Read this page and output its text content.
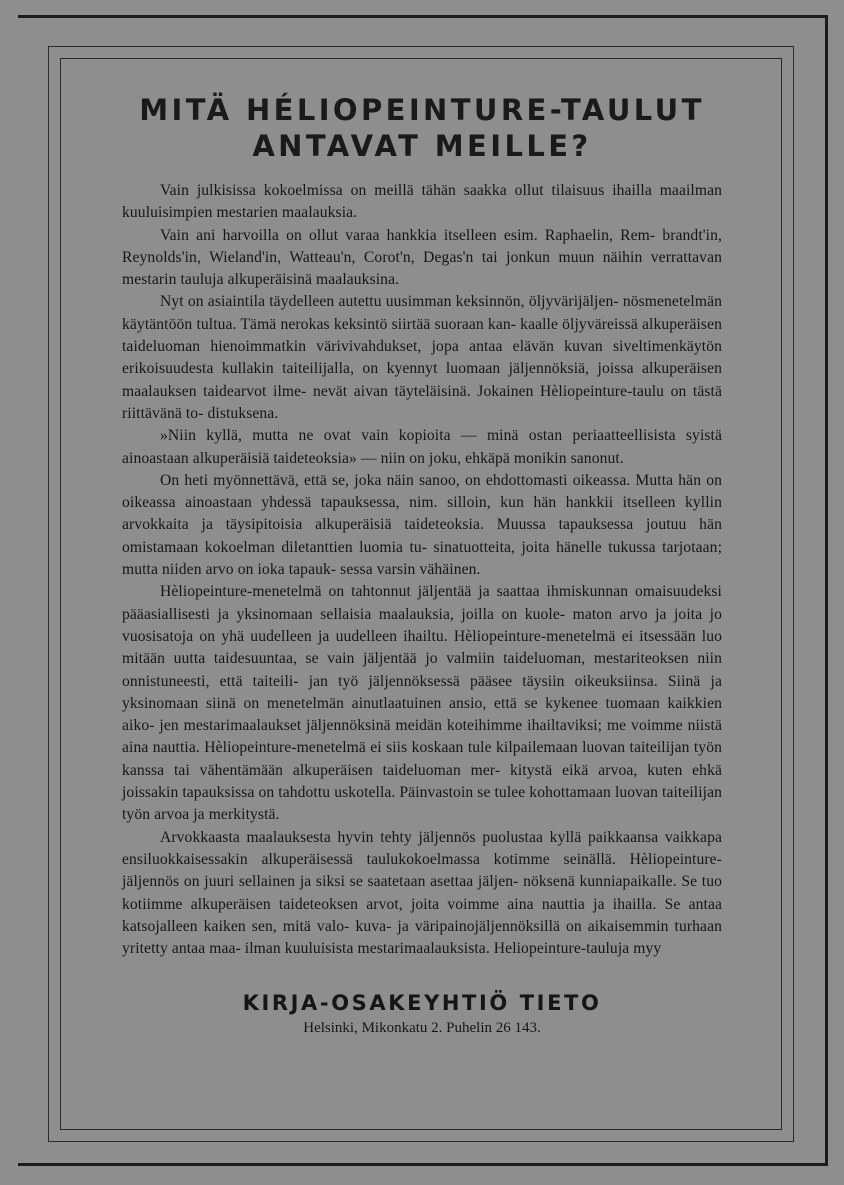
MITÄ HÉLIOPEINTURE-TAULUT
ANTAVAT MEILLE?

Vain julkisissa kokoelmissa on meillä tähän saakka ollut tilaisuus ihailla maailman kuuluisimpien mestarien maalauksia.

Vain ani harvoilla on ollut varaa hankkia itselleen esim. Raphaelin, Rem- brandt'in, Reynolds'in, Wieland'in, Watteau'n, Corot'n, Degas'n tai jonkun muun näihin verrattavan mestarin tauluja alkuperäisinä maalauksina.

Nyt on asiaintila täydelleen autettu uusimman keksinnön, öljyvärijäljen- nösmenetelmän käytäntöön tultua. Tämä nerokas keksintö siirtää suoraan kan- kaalle öljyväreissä alkuperäisen taideluoman hienoimmatkin värivivahdukset, jopa antaa elävän kuvan siveltimenkäytön erikoisuudesta kullakin taiteilijalla, on kyennyt luomaan jäljennöksiä, joissa alkuperäisen maalauksen taidearvot ilme- nevät aivan täyteläisinä. Jokainen Hèliopeinture-taulu on tästä riittävänä to- distuksena.

»Niin kyllä, mutta ne ovat vain kopioita — minä ostan periaatteellisista syistä ainoastaan alkuperäisiä taideteoksia» — niin on joku, ehkäpä monikin sanonut.

On heti myönnettävä, että se, joka näin sanoo, on ehdottomasti oikeassa. Mutta hän on oikeassa ainoastaan yhdessä tapauksessa, nim. silloin, kun hän hankkii itselleen kyllin arvokkaita ja täysipitoisia alkuperäisiä taideteoksia. Muussa tapauksessa joutuu hän omistamaan kokoelman diletanttien luomia tu- sinatuotteita, joita hänelle tukussa tarjotaan; mutta niiden arvo on ioka tapauk- sessa varsin vähäinen.

Hèliopeinture-menetelmä on tahtonnut jäljentää ja saattaa ihmiskunnan omaisuudeksi pääasiallisesti ja yksinomaan sellaisia maalauksia, joilla on kuole- maton arvo ja joita jo vuosisatoja on yhä uudelleen ja uudelleen ihailtu. Hèliopeinture-menetelmä ei itsessään luo mitään uutta taidesuuntaa, se vain jäljentää jo valmiin taideluoman, mestariteoksen niin onnistuneesti, että taiteili- jan työ jäljennöksessä pääsee täysiin oikeuksiinsa. Siinä ja yksinomaan siinä on menetelmän ainutlaatuinen ansio, että se kykenee tuomaan kaikkien aiko- jen mestarimaalaukset jäljennöksinä meidän koteihimme ihailtaviksi; me voimme niistä aina nauttia. Hèliopeinture-menetelmä ei siis koskaan tule kilpailemaan luovan taiteilijan työn kanssa tai vähentämään alkuperäisen taideluoman mer- kitystä eikä arvoa, kuten ehkä joissakin tapauksissa on tahdottu uskotella. Päinvastoin se tulee kohottamaan luovan taiteilijan työn arvoa ja merkitystä.

Arvokkaasta maalauksesta hyvin tehty jäljennös puolustaa kyllä paikkaansa vaikkapa ensiluokkaisessakin alkuperäisessä taulukokoelmassa kotimme seinällä. Hèliopeinture-jäljennös on juuri sellainen ja siksi se saatetaan asettaa jäljen- nöksenä kunniapaikalle. Se tuo kotiimme alkuperäisen taideteoksen arvot, joita voimme aina nauttia ja ihailla. Se antaa katsojalleen kaiken sen, mitä valo- kuva- ja väripainojäljennöksillä on aikaisemmin turhaan yritetty antaa maa- ilman kuuluisista mestarimaalauksista. Heliopeinture-tauluja myy

KIRJA-OSAKEYHTIÖ TIETO
Helsinki, Mikonkatu 2. Puhelin 26 143.
